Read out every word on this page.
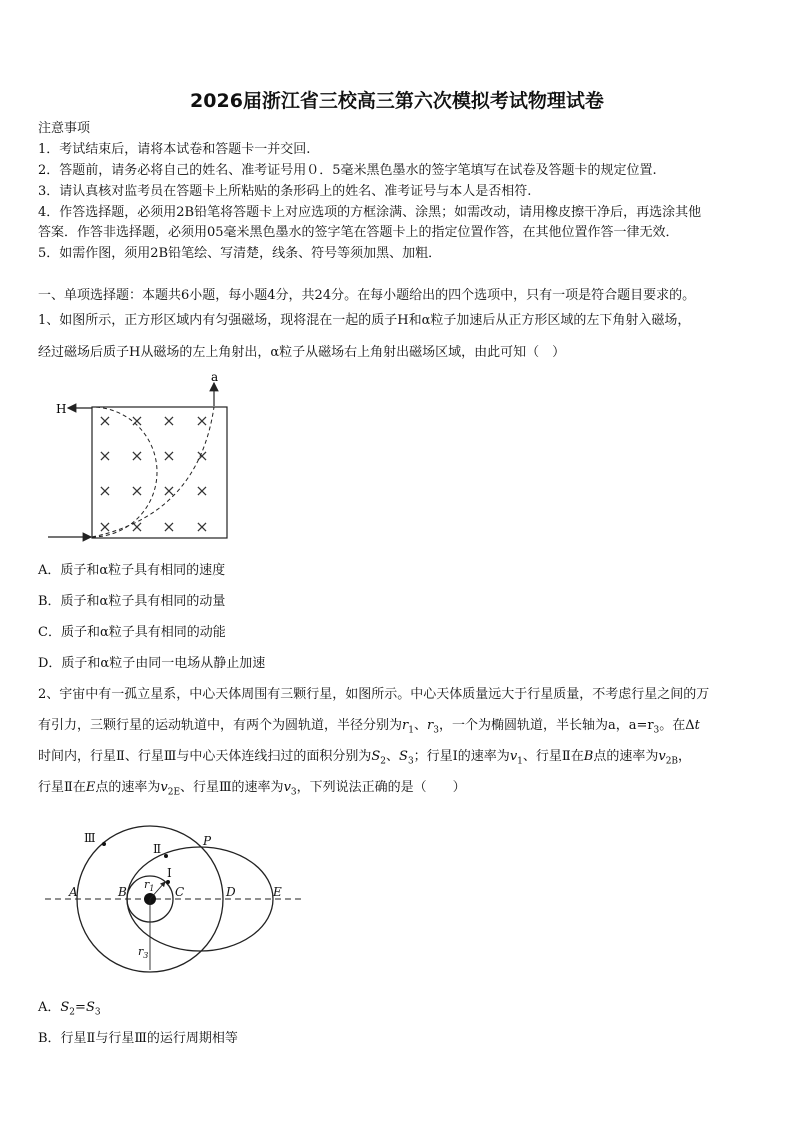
2026届浙江省三校高三第六次模拟考试物理试卷
注意事项
1．考试结束后，请将本试卷和答题卡一并交回.
2．答题前，请务必将自己的姓名、准考证号用０．5毫米黑色墨水的签字笔填写在试卷及答题卡的规定位置.
3．请认真核对监考员在答题卡上所粘贴的条形码上的姓名、准考证号与本人是否相符.
4．作答选择题，必须用2B铅笔将答题卡上对应选项的方框涂满、涂黑；如需改动，请用橡皮擦干净后，再选涂其他
答案．作答非选择题，必须用05毫米黑色墨水的签字笔在答题卡上的指定位置作答，在其他位置作答一律无效．
5．如需作图，须用2B铅笔绘、写清楚，线条、符号等须加黑、加粗．
一、单项选择题：本题共6小题，每小题4分，共24分。在每小题给出的四个选项中，只有一项是符合题目要求的。
1、如图所示，正方形区域内有匀强磁场，现将混在一起的质子H和α粒子加速后从正方形区域的左下角射入磁场，
经过磁场后质子H从磁场的左上角射出，α粒子从磁场右上角射出磁场区域，由此可知（　）
× × × ×
× × × ×
× × × ×
× × × ×
H
a
A．质子和α粒子具有相同的速度
B．质子和α粒子具有相同的动量
C．质子和α粒子具有相同的动能
D．质子和α粒子由同一电场从静止加速
2、宇宙中有一孤立星系，中心天体周围有三颗行星，如图所示。中心天体质量远大于行星质量，不考虑行星之间的万
有引力，三颗行星的运动轨道中，有两个为圆轨道，半径分别为$r_1$、$r_3$，一个为椭圆轨道，半长轴为a，$a=r_3$。在Δt
时间内，行星Ⅱ、行星Ⅲ与中心天体连线扫过的面积分别为$S_2$、$S_3$；行星Ⅰ的速率为$v_1$、行星Ⅱ在B点的速率为$v_{2B}$，
行星Ⅱ在E点的速率为$v_{2E}$、行星Ⅲ的速率为$v_3$，下列说法正确的是（　　）
Ⅲ
Ⅱ
Ⅰ
A	B	C	D	E
P
$r_1$
$r_3$
A．$S_2=S_3$
B．行星Ⅱ与行星Ⅲ的运行周期相等
